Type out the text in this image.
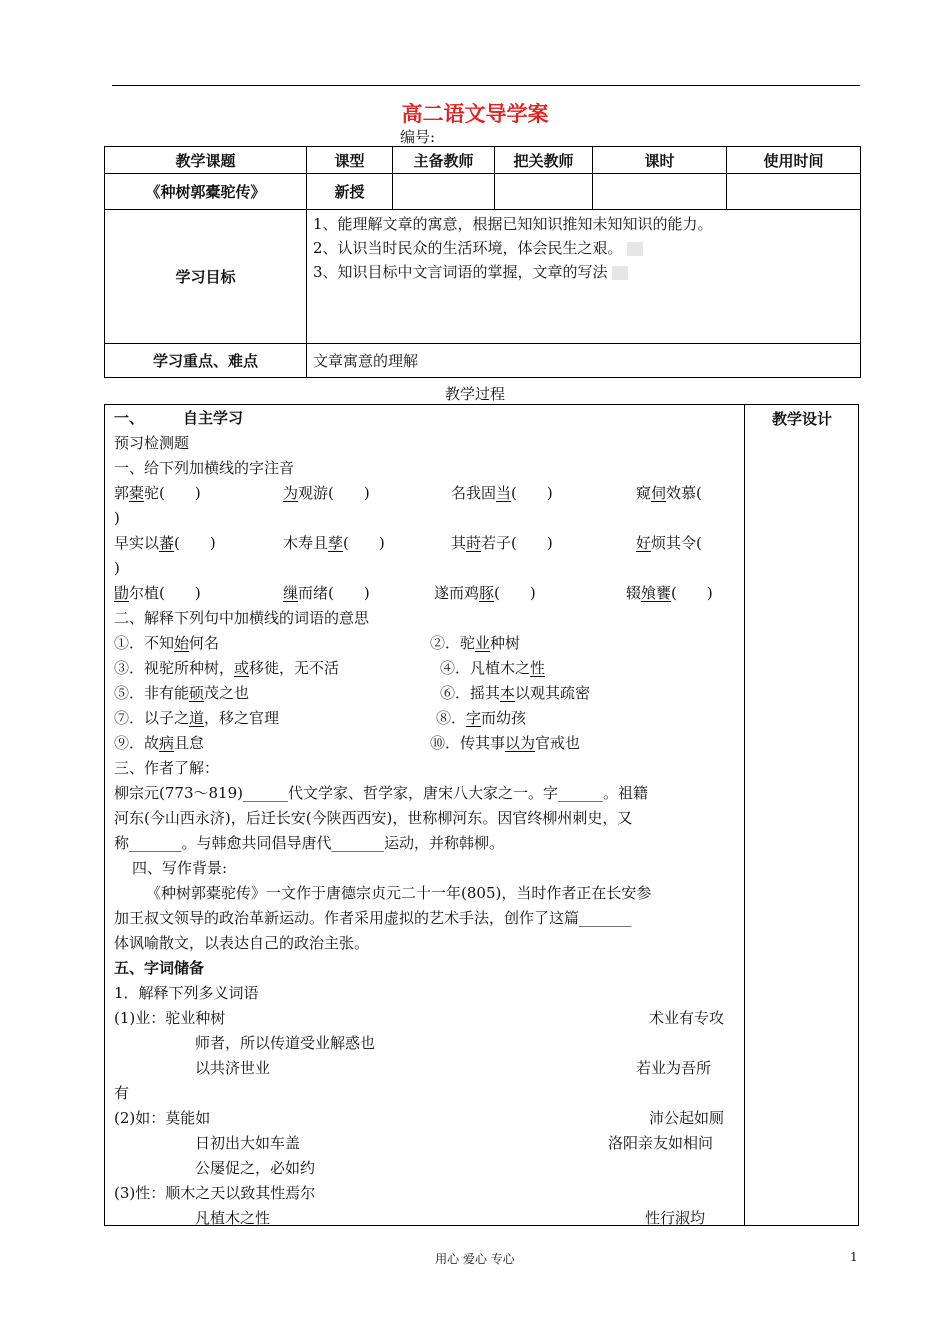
高二语文导学案
编号:
教学课题	课型	主备教师	把关教师	课时	使用时间
《种树郭橐驼传》	新授				
学习目标	1、能理解文章的寓意，根据已知知识推知未知知识的能力。
2、认识当时民众的生活环境，体会民生之艰。
3、知识目标中文言词语的掌握，文章的写法				

学习重点、难点	文章寓意的理解				
教学过程
教学设计
一、	自主学习
预习检测题
一、给下列加横线的字注音
郭橐驼(　　)	为观游(　　)	名我固当(　　)	窥伺效慕(
)
早实以蕃(　　)	木寿且孳(　　)	其莳若子(　　)	好烦其令(
)
勖尔植(　　)	缫而绪(　　)	遂而鸡豚(　　)	辍飧饔(　　)
二、解释下列句中加横线的词语的意思
①．不知始何名	②．驼业种树
③．视驼所种树，或移徙，无不活	④．凡植木之性
⑤．非有能硕茂之也	⑥．摇其本以观其疏密
⑦．以子之道，移之官理	⑧．字而幼孩
⑨．故病且怠	⑩．传其事以为官戒也
三、作者了解：
柳宗元(773～819)______代文学家、哲学家，唐宋八大家之一。字______。祖籍
河东(今山西永济)，后迁长安(今陕西西安)，世称柳河东。因官终柳州刺史，又
称_______。与韩愈共同倡导唐代_______运动，并称韩柳。
四、写作背景:
《种树郭橐驼传》一文作于唐德宗贞元二十一年(805)，当时作者正在长安参
加王叔文领导的政治革新运动。作者采用虚拟的艺术手法，创作了这篇_______
体讽喻散文，以表达自己的政治主张。
五、字词储备
1．解释下列多义词语
(1)业：驼业种树	术业有专攻
师者，所以传道受业解惑也
以共济世业	若业为吾所
有
(2)如：莫能如	沛公起如厕
日初出大如车盖	洛阳亲友如相问
公屡促之，必如约
(3)性：顺木之天以致其性焉尔
凡植木之性	性行淑均
用心 爱心 专心	1
